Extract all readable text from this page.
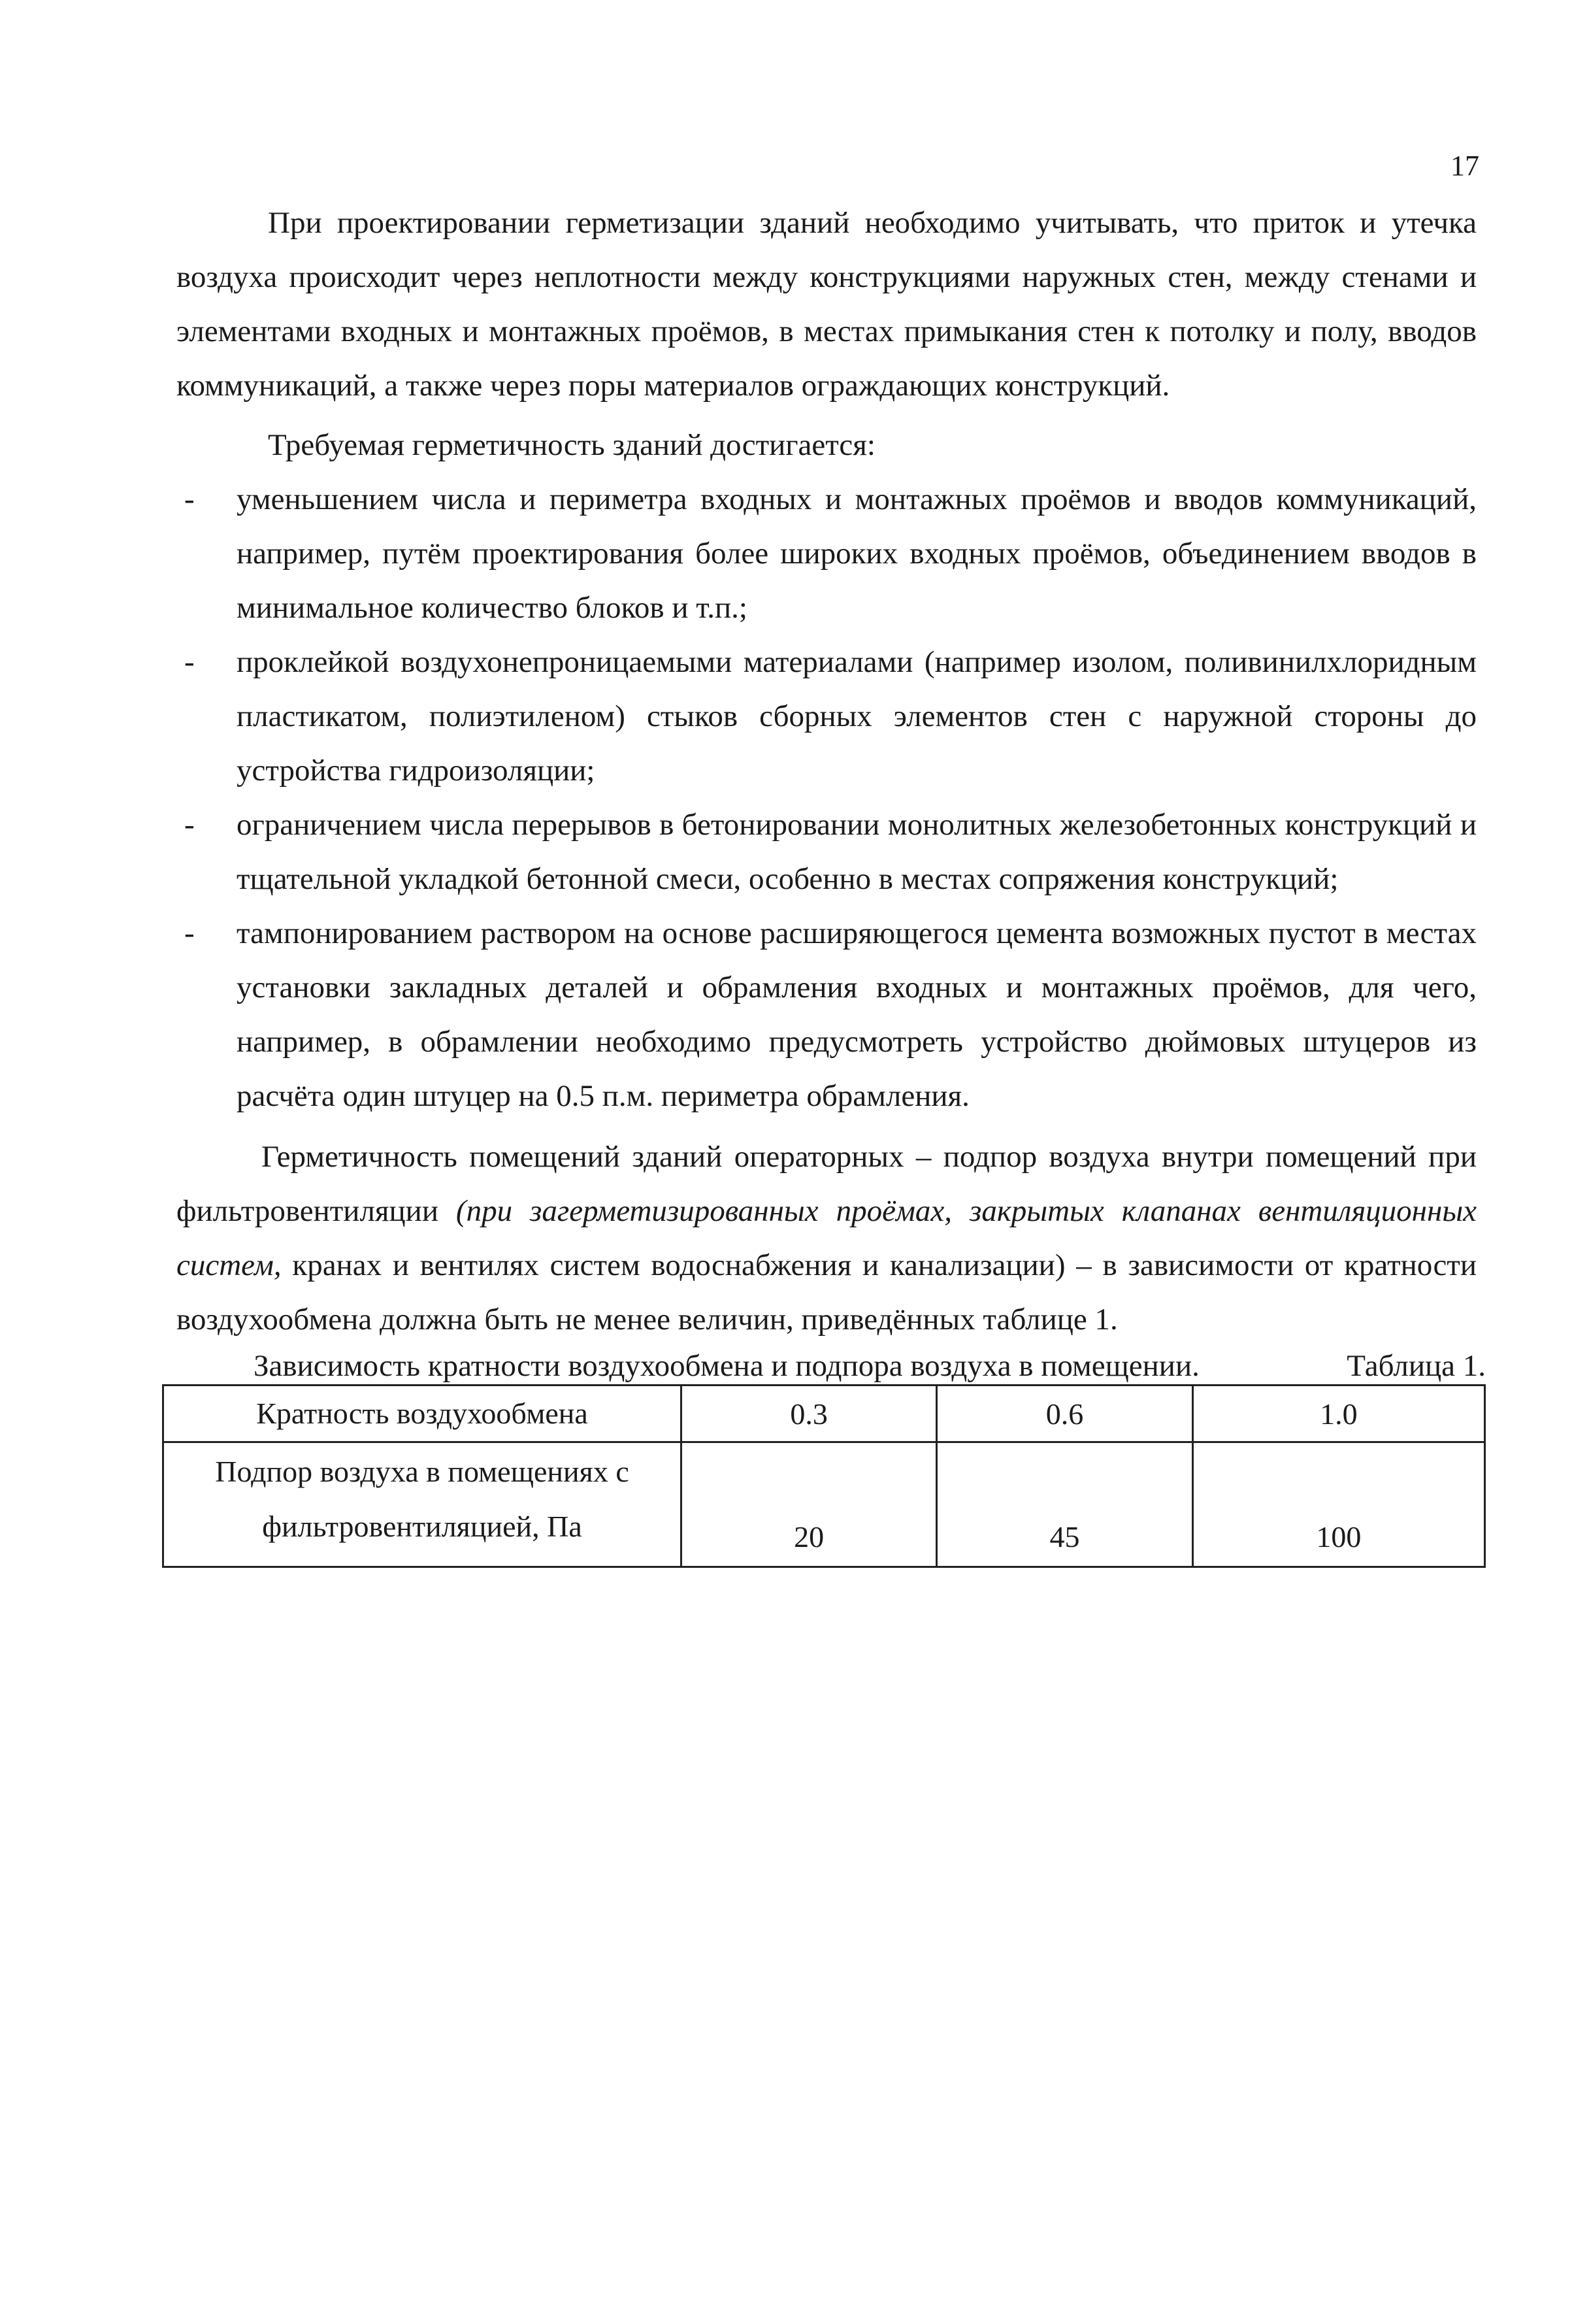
17

При проектировании герметизации зданий необходимо учитывать, что приток и утечка воздуха происходит через неплотности между конструкциями наружных стен, между стенами и элементами входных и монтажных проёмов, в местах примыкания стен к потолку и полу, вводов коммуникаций, а также через поры материалов ограждающих конструкций.

Требуемая герметичность зданий достигается:

- уменьшением числа и периметра входных и монтажных проёмов и вводов коммуникаций, например, путём проектирования более широких входных проёмов, объединением вводов в минимальное количество блоков и т.п.;
- проклейкой воздухонепроницаемыми материалами (например изолом, поливинилхлоридным пластикатом, полиэтиленом) стыков сборных элементов стен с наружной стороны до устройства гидроизоляции;
- ограничением числа перерывов в бетонировании монолитных железобетонных конструкций и тщательной укладкой бетонной смеси, особенно в местах сопряжения конструкций;
- тампонированием раствором на основе расширяющегося цемента возможных пустот в местах установки закладных деталей и обрамления входных и монтажных проёмов, для чего, например, в обрамлении необходимо предусмотреть устройство дюймовых штуцеров из расчёта один штуцер на 0.5 п.м. периметра обрамления.

Герметичность помещений зданий операторных – подпор воздуха внутри помещений при фильтровентиляции (при загерметизированных проёмах, закрытых клапанах вентиляционных систем, кранах и вентилях систем водоснабжения и канализации) – в зависимости от кратности воздухообмена должна быть не менее величин, приведённых таблице 1.

Зависимость кратности воздухообмена и подпора воздуха в помещении.	Таблица 1.
Кратность воздухообмена	0.3	0.6	1.0

Подпор воздуха в помещениях с
фильтровентиляцией, Па	20	45	100
